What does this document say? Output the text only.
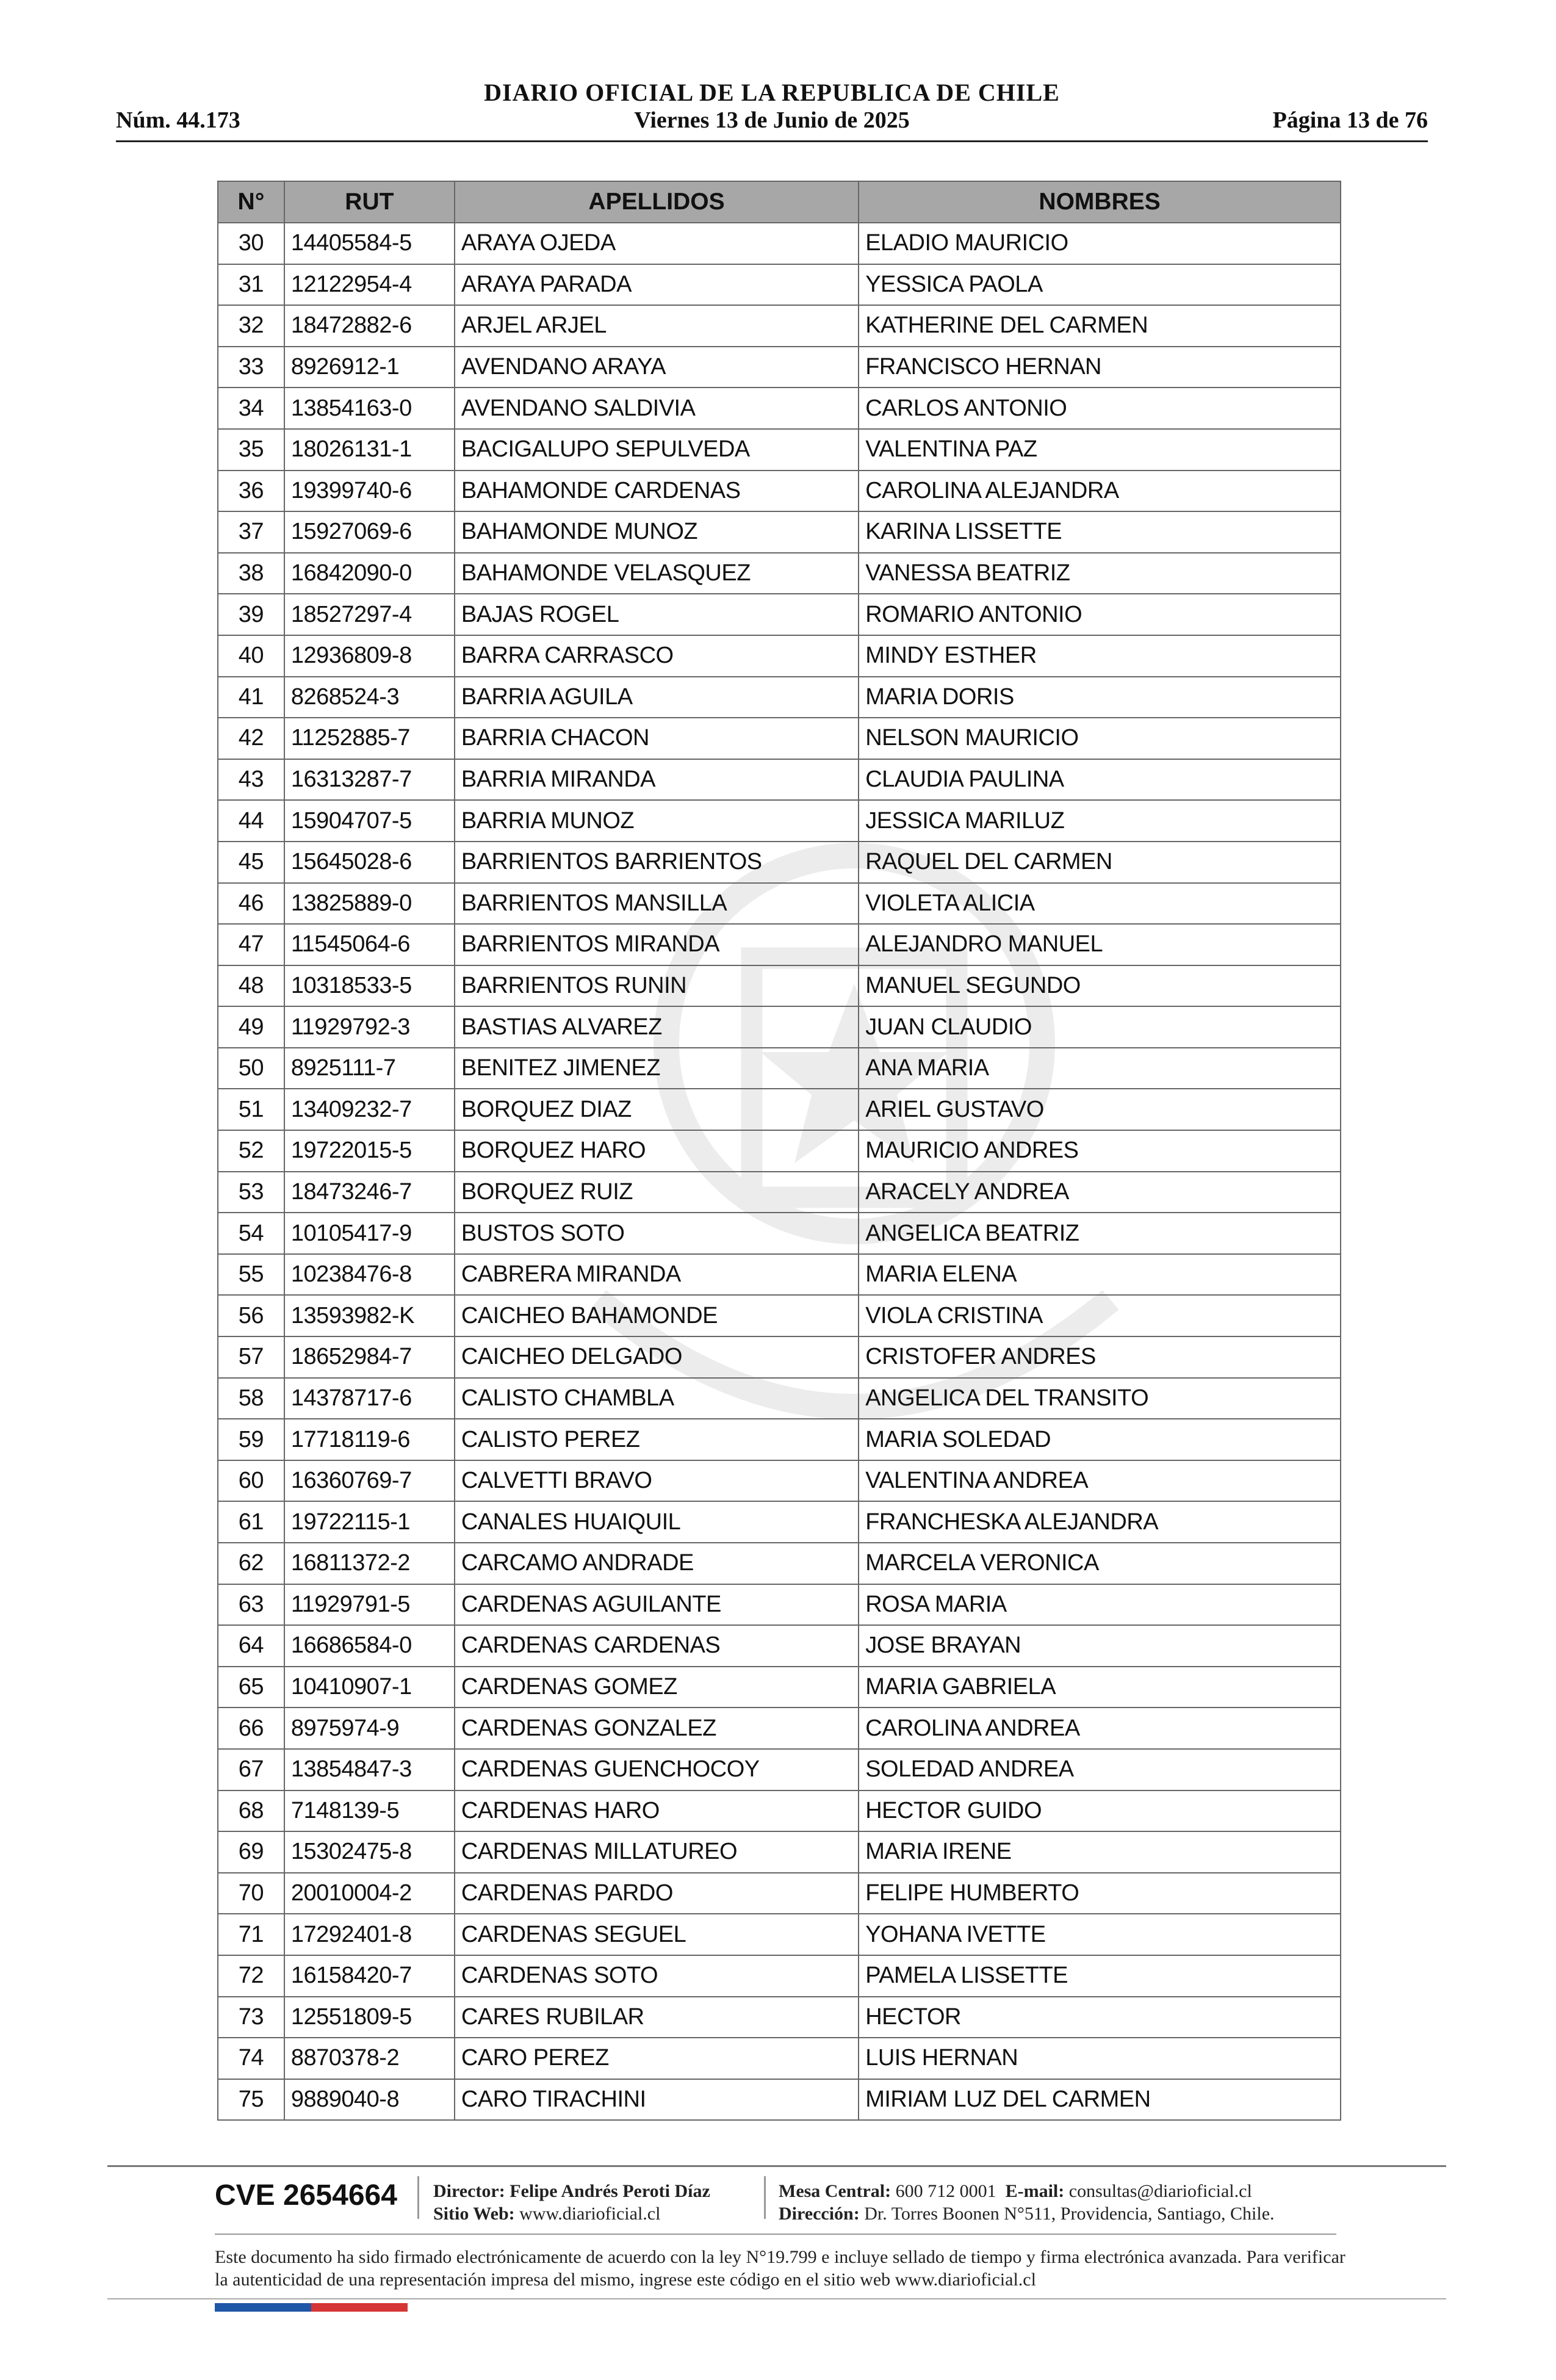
Núm. 44.173
DIARIO OFICIAL DE LA REPUBLICA DE CHILE
Viernes 13 de Junio de 2025	Página 13 de 76
N°	RUT	APELLIDOS	NOMBRES
30	14405584-5	ARAYA OJEDA	ELADIO MAURICIO
31	12122954-4	ARAYA PARADA	YESSICA PAOLA
32	18472882-6	ARJEL ARJEL	KATHERINE DEL CARMEN
33	8926912-1	AVENDANO ARAYA	FRANCISCO HERNAN
34	13854163-0	AVENDANO SALDIVIA	CARLOS ANTONIO
35	18026131-1	BACIGALUPO SEPULVEDA	VALENTINA PAZ
36	19399740-6	BAHAMONDE CARDENAS	CAROLINA ALEJANDRA
37	15927069-6	BAHAMONDE MUNOZ	KARINA LISSETTE
38	16842090-0	BAHAMONDE VELASQUEZ	VANESSA BEATRIZ
39	18527297-4	BAJAS ROGEL	ROMARIO ANTONIO
40	12936809-8	BARRA CARRASCO	MINDY ESTHER
41	8268524-3	BARRIA AGUILA	MARIA DORIS
42	11252885-7	BARRIA CHACON	NELSON MAURICIO
43	16313287-7	BARRIA MIRANDA	CLAUDIA PAULINA
44	15904707-5	BARRIA MUNOZ	JESSICA MARILUZ
45	15645028-6	BARRIENTOS BARRIENTOS	RAQUEL DEL CARMEN
46	13825889-0	BARRIENTOS MANSILLA	VIOLETA ALICIA
47	11545064-6	BARRIENTOS MIRANDA	ALEJANDRO MANUEL
48	10318533-5	BARRIENTOS RUNIN	MANUEL SEGUNDO
49	11929792-3	BASTIAS ALVAREZ	JUAN CLAUDIO
50	8925111-7	BENITEZ JIMENEZ	ANA MARIA
51	13409232-7	BORQUEZ DIAZ	ARIEL GUSTAVO
52	19722015-5	BORQUEZ HARO	MAURICIO ANDRES
53	18473246-7	BORQUEZ RUIZ	ARACELY ANDREA
54	10105417-9	BUSTOS SOTO	ANGELICA BEATRIZ
55	10238476-8	CABRERA MIRANDA	MARIA ELENA
56	13593982-K	CAICHEO BAHAMONDE	VIOLA CRISTINA
57	18652984-7	CAICHEO DELGADO	CRISTOFER ANDRES
58	14378717-6	CALISTO CHAMBLA	ANGELICA DEL TRANSITO
59	17718119-6	CALISTO PEREZ	MARIA SOLEDAD
60	16360769-7	CALVETTI BRAVO	VALENTINA ANDREA
61	19722115-1	CANALES HUAIQUIL	FRANCHESKA ALEJANDRA
62	16811372-2	CARCAMO ANDRADE	MARCELA VERONICA
63	11929791-5	CARDENAS AGUILANTE	ROSA MARIA
64	16686584-0	CARDENAS CARDENAS	JOSE BRAYAN
65	10410907-1	CARDENAS GOMEZ	MARIA GABRIELA
66	8975974-9	CARDENAS GONZALEZ	CAROLINA ANDREA
67	13854847-3	CARDENAS GUENCHOCOY	SOLEDAD ANDREA
68	7148139-5	CARDENAS HARO	HECTOR GUIDO
69	15302475-8	CARDENAS MILLATUREO	MARIA IRENE
70	20010004-2	CARDENAS PARDO	FELIPE HUMBERTO
71	17292401-8	CARDENAS SEGUEL	YOHANA IVETTE
72	16158420-7	CARDENAS SOTO	PAMELA LISSETTE
73	12551809-5	CARES RUBILAR	HECTOR
74	8870378-2	CARO PEREZ	LUIS HERNAN
75	9889040-8	CARO TIRACHINI	MIRIAM LUZ DEL CARMEN
CVE 2654664 Director: Felipe Andrés Peroti Díaz
Sitio Web: www.diarioficial.cl
Mesa Central: 600 712 0001 E-mail: consultas@diarioficial.cl
Dirección: Dr. Torres Boonen N°511, Providencia, Santiago, Chile.
Este documento ha sido firmado electrónicamente de acuerdo con la ley N°19.799 e incluye sellado de tiempo y firma electrónica avanzada. Para verificar la autenticidad de una representación impresa del mismo, ingrese este código en el sitio web www.diarioficial.cl
